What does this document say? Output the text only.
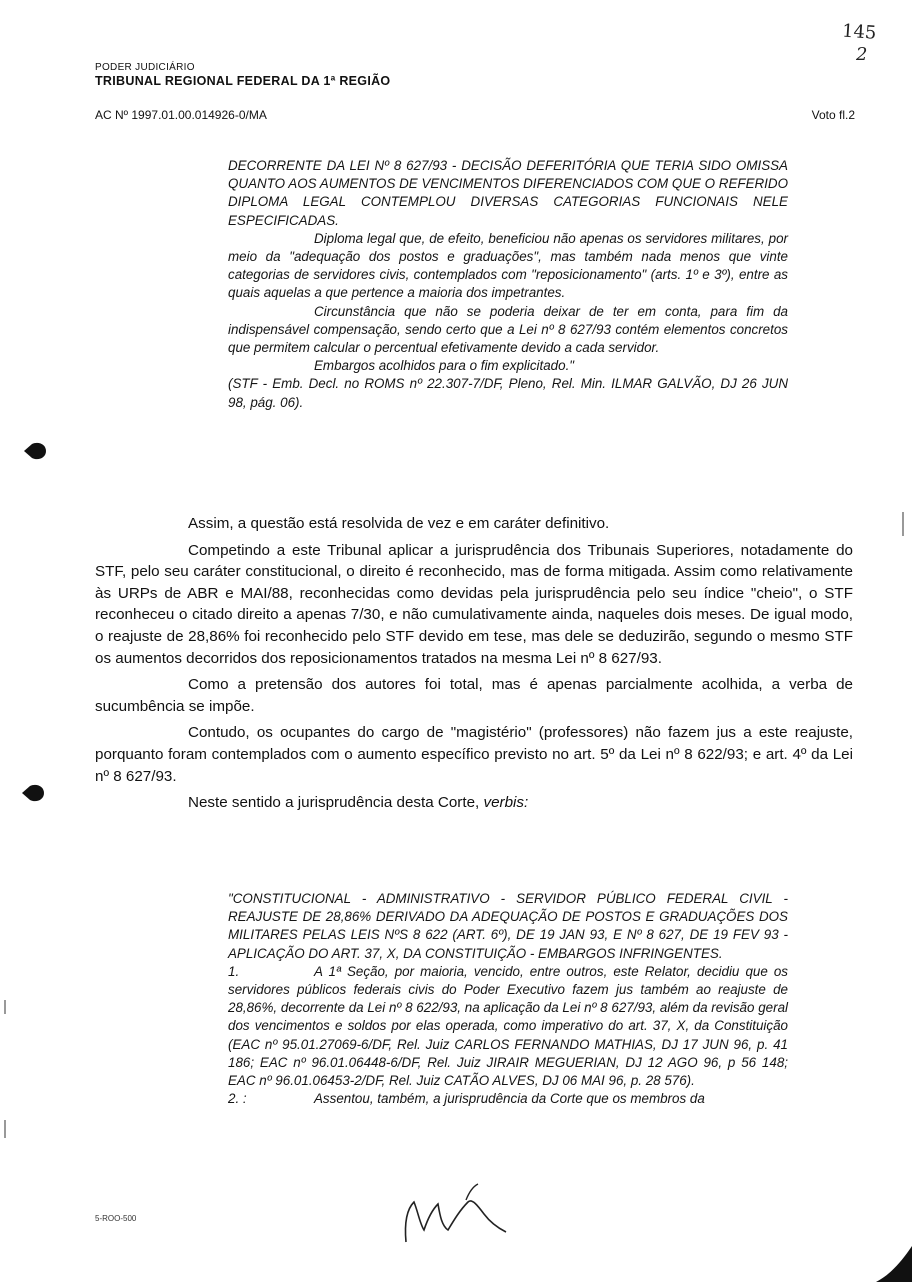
145
2
PODER JUDICIÁRIO
TRIBUNAL REGIONAL FEDERAL DA 1ª REGIÃO
AC Nº 1997.01.00.014926-0/MA	Voto fl.2

DECORRENTE DA LEI Nº 8 627/93 - DECISÃO DEFERITÓRIA QUE TERIA SIDO OMISSA QUANTO AOS AUMENTOS DE VENCIMENTOS DIFERENCIADOS COM QUE O REFERIDO DIPLOMA LEGAL CONTEMPLOU DIVERSAS CATEGORIAS FUNCIONAIS NELE ESPECIFICADAS.

Diploma legal que, de efeito, beneficiou não apenas os servidores militares, por meio da "adequação dos postos e graduações", mas também nada menos que vinte categorias de servidores civis, contemplados com "reposicionamento" (arts. 1º e 3º), entre as quais aquelas a que pertence a maioria dos impetrantes.

Circunstância que não se poderia deixar de ter em conta, para fim da indispensável compensação, sendo certo que a Lei nº 8 627/93 contém elementos concretos que permitem calcular o percentual efetivamente devido a cada servidor.

Embargos acolhidos para o fim explicitado."

(STF - Emb. Decl. no ROMS nº 22.307-7/DF, Pleno, Rel. Min. ILMAR GALVÃO, DJ 26 JUN 98, pág. 06).

Assim, a questão está resolvida de vez e em caráter definitivo.

Competindo a este Tribunal aplicar a jurisprudência dos Tribunais Superiores, notadamente do STF, pelo seu caráter constitucional, o direito é reconhecido, mas de forma mitigada. Assim como relativamente às URPs de ABR e MAI/88, reconhecidas como devidas pela jurisprudência pelo seu índice "cheio", o STF reconheceu o citado direito a apenas 7/30, e não cumulativamente ainda, naqueles dois meses. De igual modo, o reajuste de 28,86% foi reconhecido pelo STF devido em tese, mas dele se deduzirão, segundo o mesmo STF os aumentos decorridos dos reposicionamentos tratados na mesma Lei nº 8 627/93.

Como a pretensão dos autores foi total, mas é apenas parcialmente acolhida, a verba de sucumbência se impõe.

Contudo, os ocupantes do cargo de "magistério" (professores) não fazem jus a este reajuste, porquanto foram contemplados com o aumento específico previsto no art. 5º da Lei nº 8 622/93; e art. 4º da Lei nº 8 627/93.

Neste sentido a jurisprudência desta Corte, verbis:

"CONSTITUCIONAL - ADMINISTRATIVO - SERVIDOR PÚBLICO FEDERAL CIVIL - REAJUSTE DE 28,86% DERIVADO DA ADEQUAÇÃO DE POSTOS E GRADUAÇÕES DOS MILITARES PELAS LEIS NºS 8 622 (ART. 6º), DE 19 JAN 93, E Nº 8 627, DE 19 FEV 93 - APLICAÇÃO DO ART. 37, X, DA CONSTITUIÇÃO - EMBARGOS INFRINGENTES.

1.	A 1ª Seção, por maioria, vencido, entre outros, este Relator, decidiu que os servidores públicos federais civis do Poder Executivo fazem jus também ao reajuste de 28,86%, decorrente da Lei nº 8 622/93, na aplicação da Lei nº 8 627/93, além da revisão geral dos vencimentos e soldos por elas operada, como imperativo do art. 37, X, da Constituição (EAC nº 95.01.27069-6/DF, Rel. Juiz CARLOS FERNANDO MATHIAS, DJ 17 JUN 96, p. 41 186; EAC nº 96.01.06448-6/DF, Rel. Juiz JIRAIR MEGUERIAN, DJ 12 AGO 96, p 56 148; EAC nº 96.01.06453-2/DF, Rel. Juiz CATÃO ALVES, DJ 06 MAI 96, p. 28 576).

2. :	Assentou, também, a jurisprudência da Corte que os membros da
5-ROO-500
